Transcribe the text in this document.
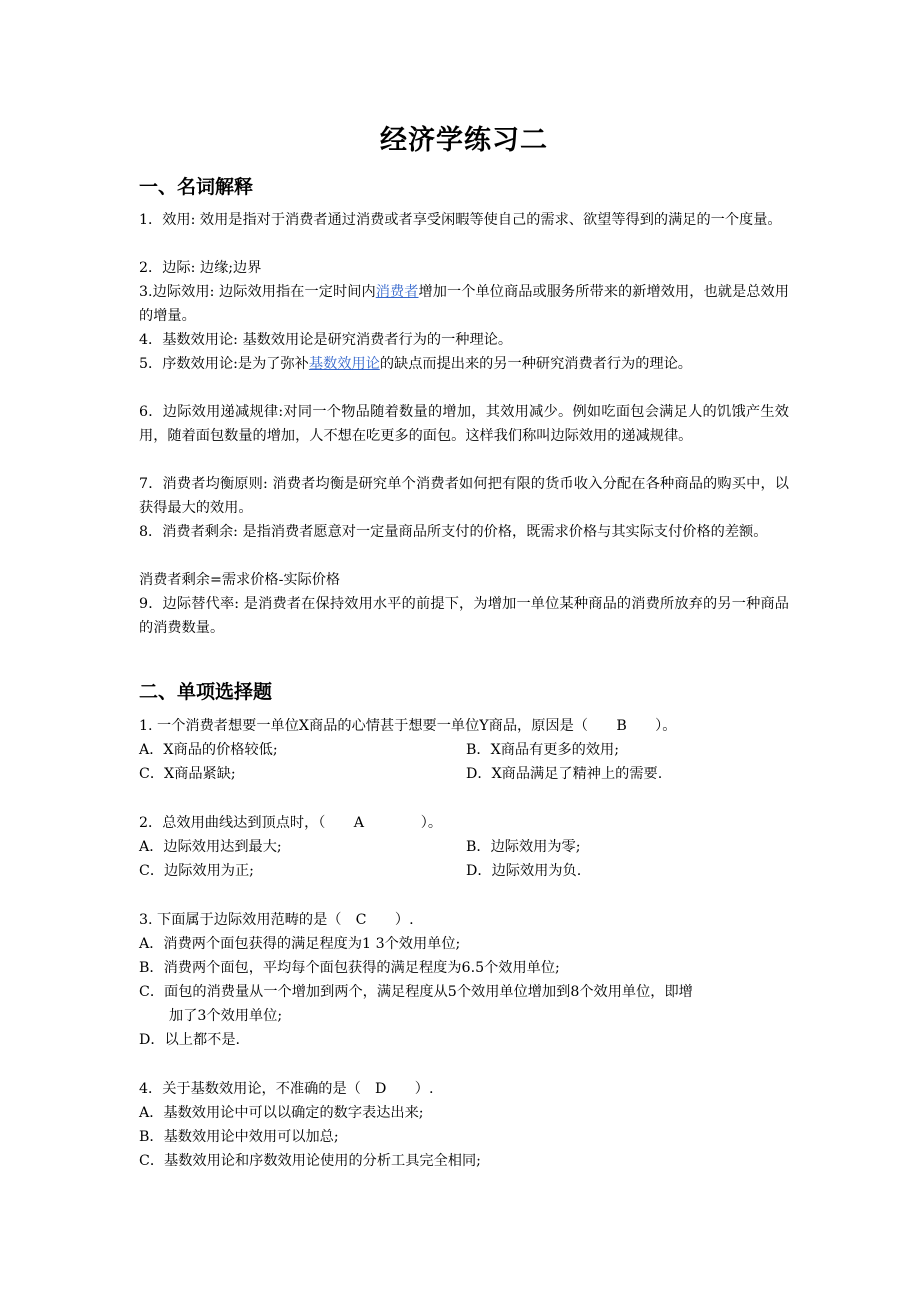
经济学练习二
一、名词解释
1．效用: 效用是指对于消费者通过消费或者享受闲暇等使自己的需求、欲望等得到的满足的一个度量。
2．边际: 边缘;边界
3.边际效用: 边际效用指在一定时间内消费者增加一个单位商品或服务所带来的新增效用，也就是总效用的增量。
4．基数效用论: 基数效用论是研究消费者行为的一种理论。
5．序数效用论:是为了弥补基数效用论的缺点而提出来的另一种研究消费者行为的理论。
6．边际效用递减规律:对同一个物品随着数量的增加，其效用减少。例如吃面包会满足人的饥饿产生效用，随着面包数量的增加，人不想在吃更多的面包。这样我们称叫边际效用的递减规律。
7．消费者均衡原则: 消费者均衡是研究单个消费者如何把有限的货币收入分配在各种商品的购买中，以获得最大的效用。
8．消费者剩余: 是指消费者愿意对一定量商品所支付的价格，既需求价格与其实际支付价格的差额。
消费者剩余=需求价格-实际价格
9．边际替代率: 是消费者在保持效用水平的前提下，为增加一单位某种商品的消费所放弃的另一种商品的消费数量。
二、单项选择题
1. 一个消费者想要一单位X商品的心情甚于想要一单位Y商品，原因是（　　B　　）。
A．X商品的价格较低;	B．X商品有更多的效用;
C．X商品紧缺;	D．X商品满足了精神上的需要.
2．总效用曲线达到顶点时，（　　A　　　　）。
A．边际效用达到最大;	B．边际效用为零;
C．边际效用为正;	D．边际效用为负.
3. 下面属于边际效用范畴的是（　C　　）.
A．消费两个面包获得的满足程度为1 3个效用单位;
B．消费两个面包，平均每个面包获得的满足程度为6.5个效用单位;
C．面包的消费量从一个增加到两个，满足程度从5个效用单位增加到8个效用单位，即增
加了3个效用单位;
D．以上都不是.
4．关于基数效用论，不准确的是（　D　　）.
A．基数效用论中可以以确定的数字表达出来;
B．基数效用论中效用可以加总;
C．基数效用论和序数效用论使用的分析工具完全相同;
